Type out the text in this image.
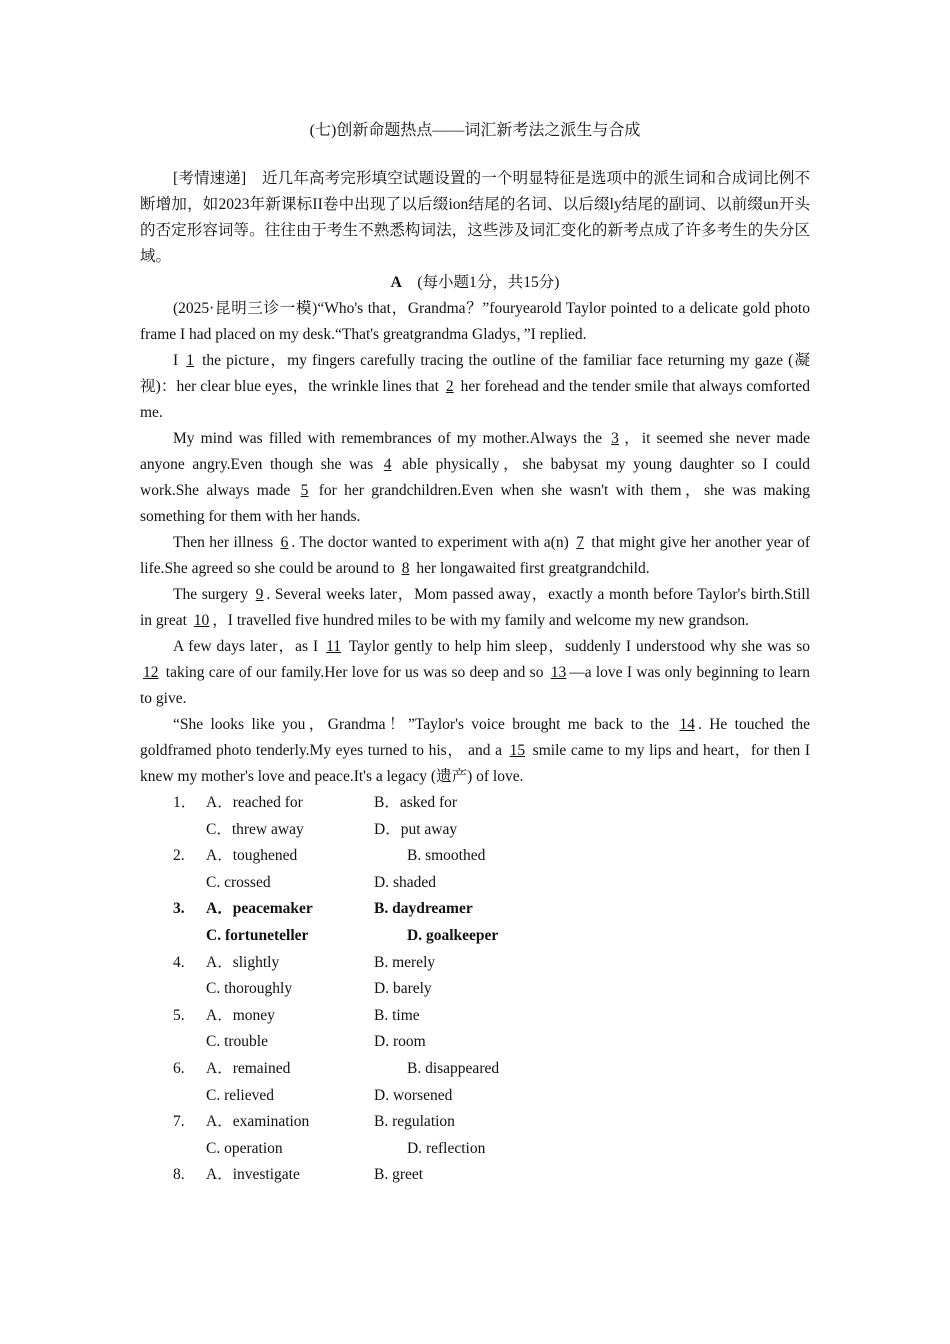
(七)创新命题热点——词汇新考法之派生与合成

[考情速递]　近几年高考完形填空试题设置的一个明显特征是选项中的派生词和合成词比例不断增加，如2023年新课标II卷中出现了以后缀ion结尾的名词、以后缀ly结尾的副词、以前缀un开头的否定形容词等。往往由于考生不熟悉构词法，这些涉及词汇变化的新考点成了许多考生的失分区域。

A　 (每小题1分，共15分)

(2025·昆明三诊一模)“Who's that，Grandma？”fouryearold Taylor pointed to a delicate gold photo frame I had placed on my desk.“That's greatgrandma Gladys，”I replied.

I 1 the picture，my fingers carefully tracing the outline of the familiar face returning my gaze (凝视)：her clear blue eyes，the wrinkle lines that 2 her forehead and the tender smile that always comforted me.

My mind was filled with remembrances of my mother.Always the 3 ，it seemed she never made anyone angry.Even though she was 4 able physically，she babysat my young daughter so I could work.She always made 5 for her grandchildren.Even when she wasn't with them，she was making something for them with her hands.

Then her illness 6 . The doctor wanted to experiment with a(n) 7 that might give her another year of life.She agreed so she could be around to 8 her longawaited first greatgrandchild.

The surgery 9 . Several weeks later，Mom passed away，exactly a month before Taylor's birth.Still in great 10 ，I travelled five hundred miles to be with my family and welcome my new grandson.

A few days later，as I 11 Taylor gently to help him sleep，suddenly I understood why she was so 12 taking care of our family.Her love for us was so deep and so 13 —a love I was only beginning to learn to give.

“She looks like you，Grandma！”Taylor's voice brought me back to the 14 . He touched the goldframed photo tenderly.My eyes turned to his， and a 15 smile came to my lips and heart，for then I knew my mother's love and peace.It's a legacy (遗产) of love.

1． A．reached for	B．asked for
C．threw away	D．put away
2. A．toughened	B. smoothed
C. crossed	D. shaded
3. A．peacemaker	B. daydreamer
C. fortuneteller	D. goalkeeper
4. A．slightly	B. merely
C. thoroughly	D. barely
5. A．money	B. time
C. trouble	D. room
6. A．remained	B. disappeared
C. relieved	D. worsened
7. A．examination	B. regulation
C. operation	D. reflection
8. A．investigate	B. greet
